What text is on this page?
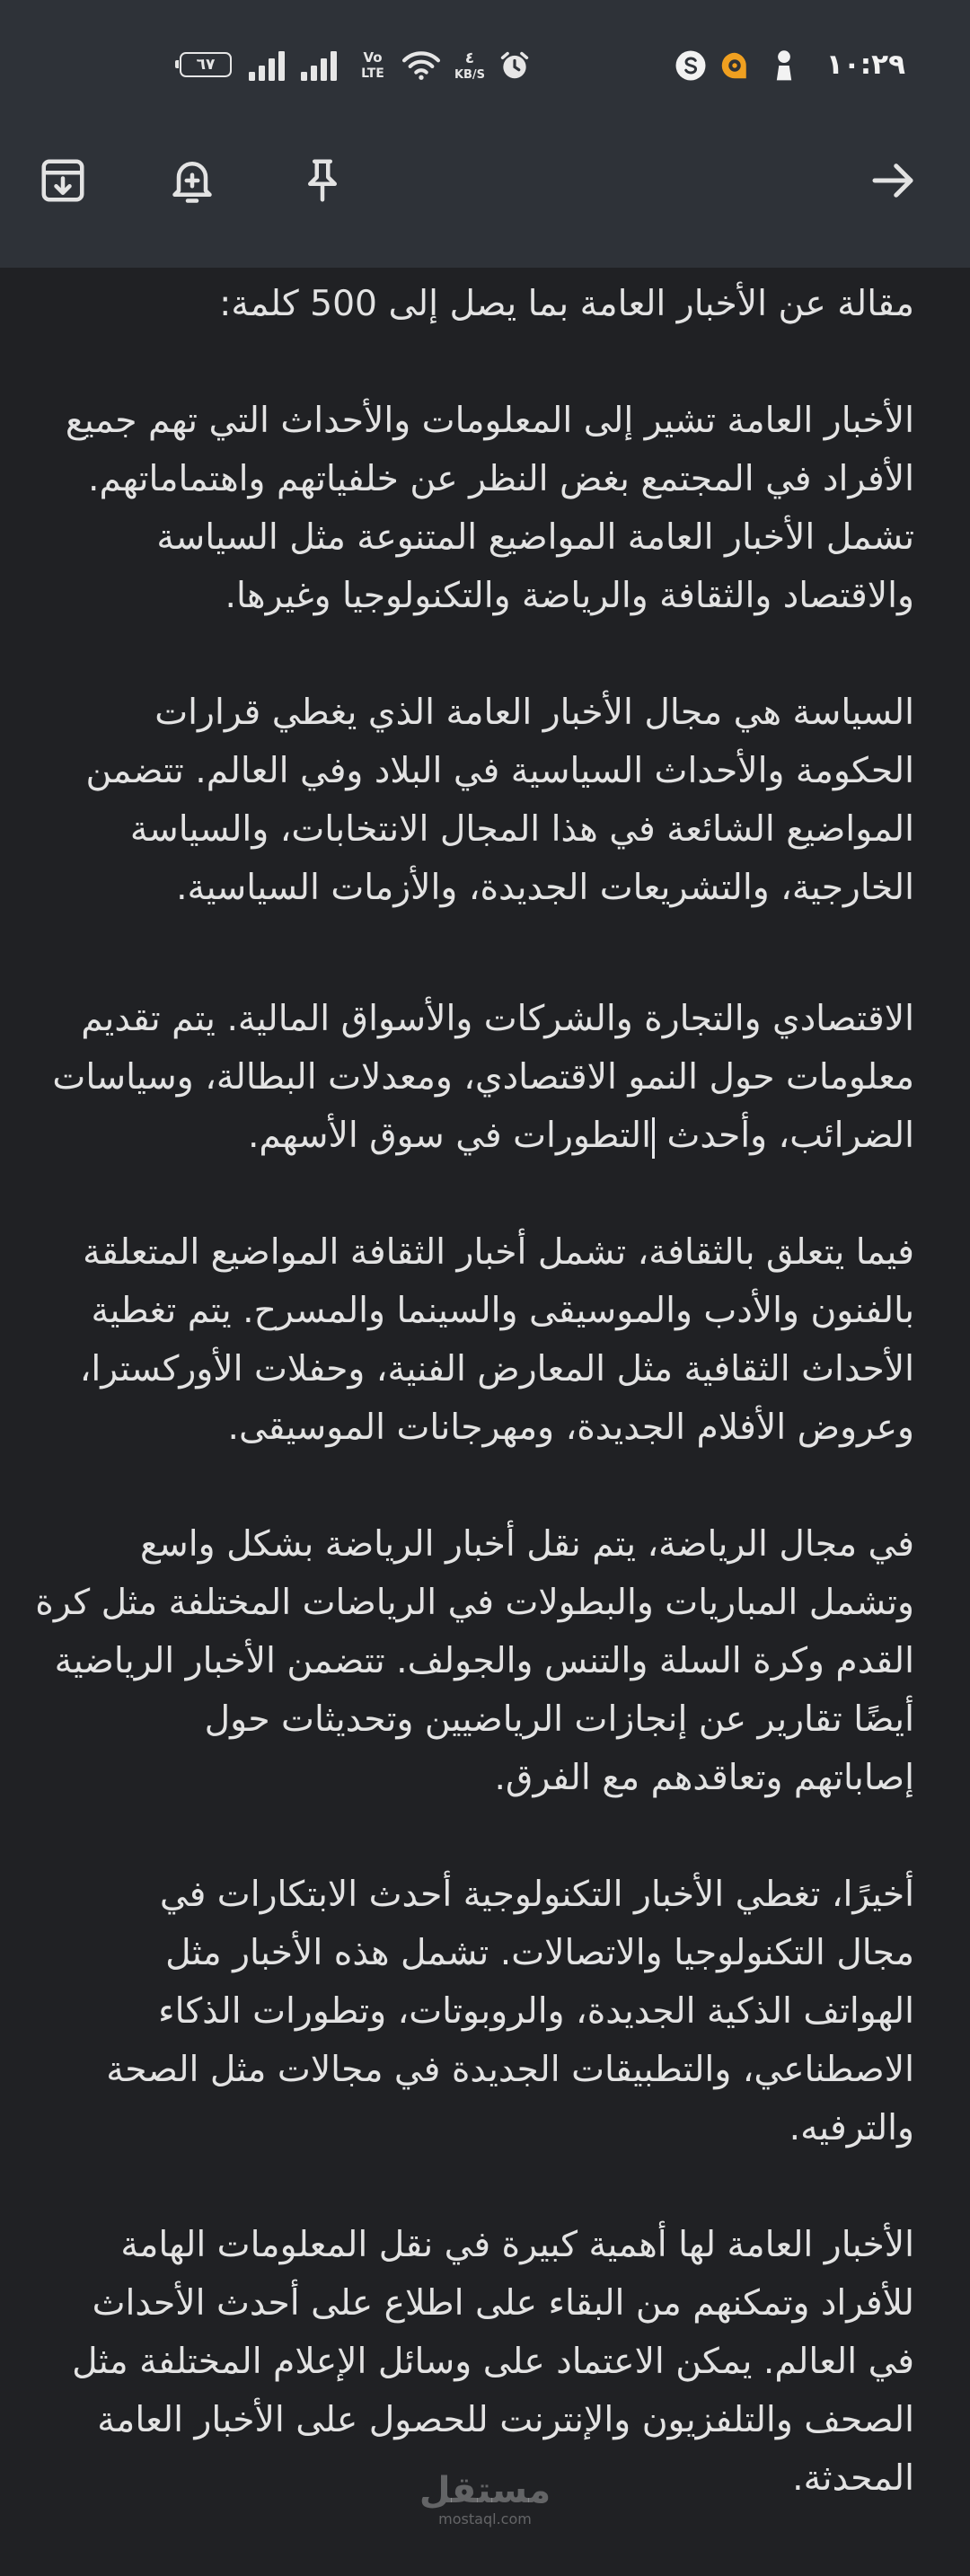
٦٧	Vo
LTE
٤
KB/S	١٠:٢٩
مقالة عن الأخبار العامة بما يصل إلى 500 كلمة:
الأخبار العامة تشير إلى المعلومات والأحداث التي تهم جميع
الأفراد في المجتمع بغض النظر عن خلفياتهم واهتماماتهم.
تشمل الأخبار العامة المواضيع المتنوعة مثل السياسة
والاقتصاد والثقافة والرياضة والتكنولوجيا وغيرها.
السياسة هي مجال الأخبار العامة الذي يغطي قرارات
الحكومة والأحداث السياسية في البلاد وفي العالم. تتضمن
المواضيع الشائعة في هذا المجال الانتخابات، والسياسة
الخارجية، والتشريعات الجديدة، والأزمات السياسية.
الاقتصادي والتجارة والشركات والأسواق المالية. يتم تقديم
معلومات حول النمو الاقتصادي، ومعدلات البطالة، وسياسات
الضرائب، وأحدث التطورات في سوق الأسهم.
فيما يتعلق بالثقافة، تشمل أخبار الثقافة المواضيع المتعلقة
بالفنون والأدب والموسيقى والسينما والمسرح. يتم تغطية
الأحداث الثقافية مثل المعارض الفنية، وحفلات الأوركسترا،
وعروض الأفلام الجديدة، ومهرجانات الموسيقى.
في مجال الرياضة، يتم نقل أخبار الرياضة بشكل واسع
وتشمل المباريات والبطولات في الرياضات المختلفة مثل كرة
القدم وكرة السلة والتنس والجولف. تتضمن الأخبار الرياضية
أيضًا تقارير عن إنجازات الرياضيين وتحديثات حول
إصاباتهم وتعاقدهم مع الفرق.
أخيرًا، تغطي الأخبار التكنولوجية أحدث الابتكارات في
مجال التكنولوجيا والاتصالات. تشمل هذه الأخبار مثل
الهواتف الذكية الجديدة، والروبوتات، وتطورات الذكاء
الاصطناعي، والتطبيقات الجديدة في مجالات مثل الصحة
والترفيه.
الأخبار العامة لها أهمية كبيرة في نقل المعلومات الهامة
للأفراد وتمكنهم من البقاء على اطلاع على أحدث الأحداث
في العالم. يمكن الاعتماد على وسائل الإعلام المختلفة مثل
الصحف والتلفزيون والإنترنت للحصول على الأخبار العامة
المحدثة.
مستقل
mostaql.com
